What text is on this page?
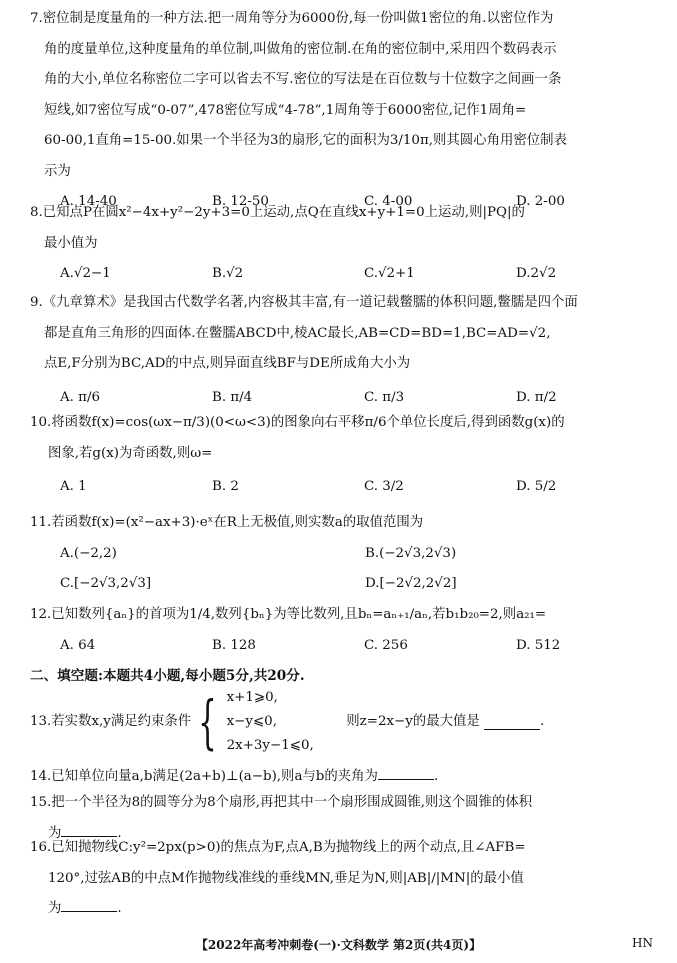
7.密位制是度量角的一种方法.把一周角等分为6000份,每一份叫做1密位的角.以密位作为
角的度量单位,这种度量角的单位制,叫做角的密位制.在角的密位制中,采用四个数码表示
角的大小,单位名称密位二字可以省去不写.密位的写法是在百位数与十位数字之间画一条
短线,如7密位写成“0-07”,478密位写成“4-78”,1周角等于6000密位,记作1周角=
60-00,1直角=15-00.如果一个半径为3的扇形,它的面积为3/10π,则其圆心角用密位制表
示为
A. 14-40	B. 12-50	C. 4-00	D. 2-00
8.已知点P在圆x²−4x+y²−2y+3=0上运动,点Q在直线x+y+1=0上运动,则|PQ|的
最小值为
A.√2−1	B.√2	C.√2+1	D.2√2
9.《九章算术》是我国古代数学名著,内容极其丰富,有一道记载鳖臑的体积问题,鳖臑是四个面
都是直角三角形的四面体.在鳖臑ABCD中,棱AC最长,AB=CD=BD=1,BC=AD=√2,
点E,F分别为BC,AD的中点,则异面直线BF与DE所成角大小为
A. π/6	B. π/4	C. π/3	D. π/2
10.将函数f(x)=cos(ωx−π/3)(0<ω<3)的图象向右平移π/6个单位长度后,得到函数g(x)的
图象,若g(x)为奇函数,则ω=
A. 1	B. 2	C. 3/2	D. 5/2
11.若函数f(x)=(x²−ax+3)·eˣ在R上无极值,则实数a的取值范围为
A.(−2,2)	B.(−2√3,2√3)
C.[−2√3,2√3]	D.[−2√2,2√2]
12.已知数列{aₙ}的首项为1/4,数列{bₙ}为等比数列,且bₙ=aₙ₊₁/aₙ,若b₁b₂₀=2,则a₂₁=
A. 64	B. 128	C. 256	D. 512
二、填空题:本题共4小题,每小题5分,共20分.
13.若实数x,y满足约束条件 { x+1⩾0,
x−y⩽0,
2x+3y−1⩽0,
则z=2x−y的最大值是	.
14.已知单位向量a,b满足(2a+b)⊥(a−b),则a与b的夹角为	.
15.把一个半径为8的圆等分为8个扇形,再把其中一个扇形围成圆锥,则这个圆锥的体积
为	.
16.已知抛物线C:y²=2px(p>0)的焦点为F,点A,B为抛物线上的两个动点,且∠AFB=
120°,过弦AB的中点M作抛物线准线的垂线MN,垂足为N,则|AB|/|MN|的最小值
为	.
【2022年高考冲刺卷(一)·文科数学 第2页(共4页)】	HN
